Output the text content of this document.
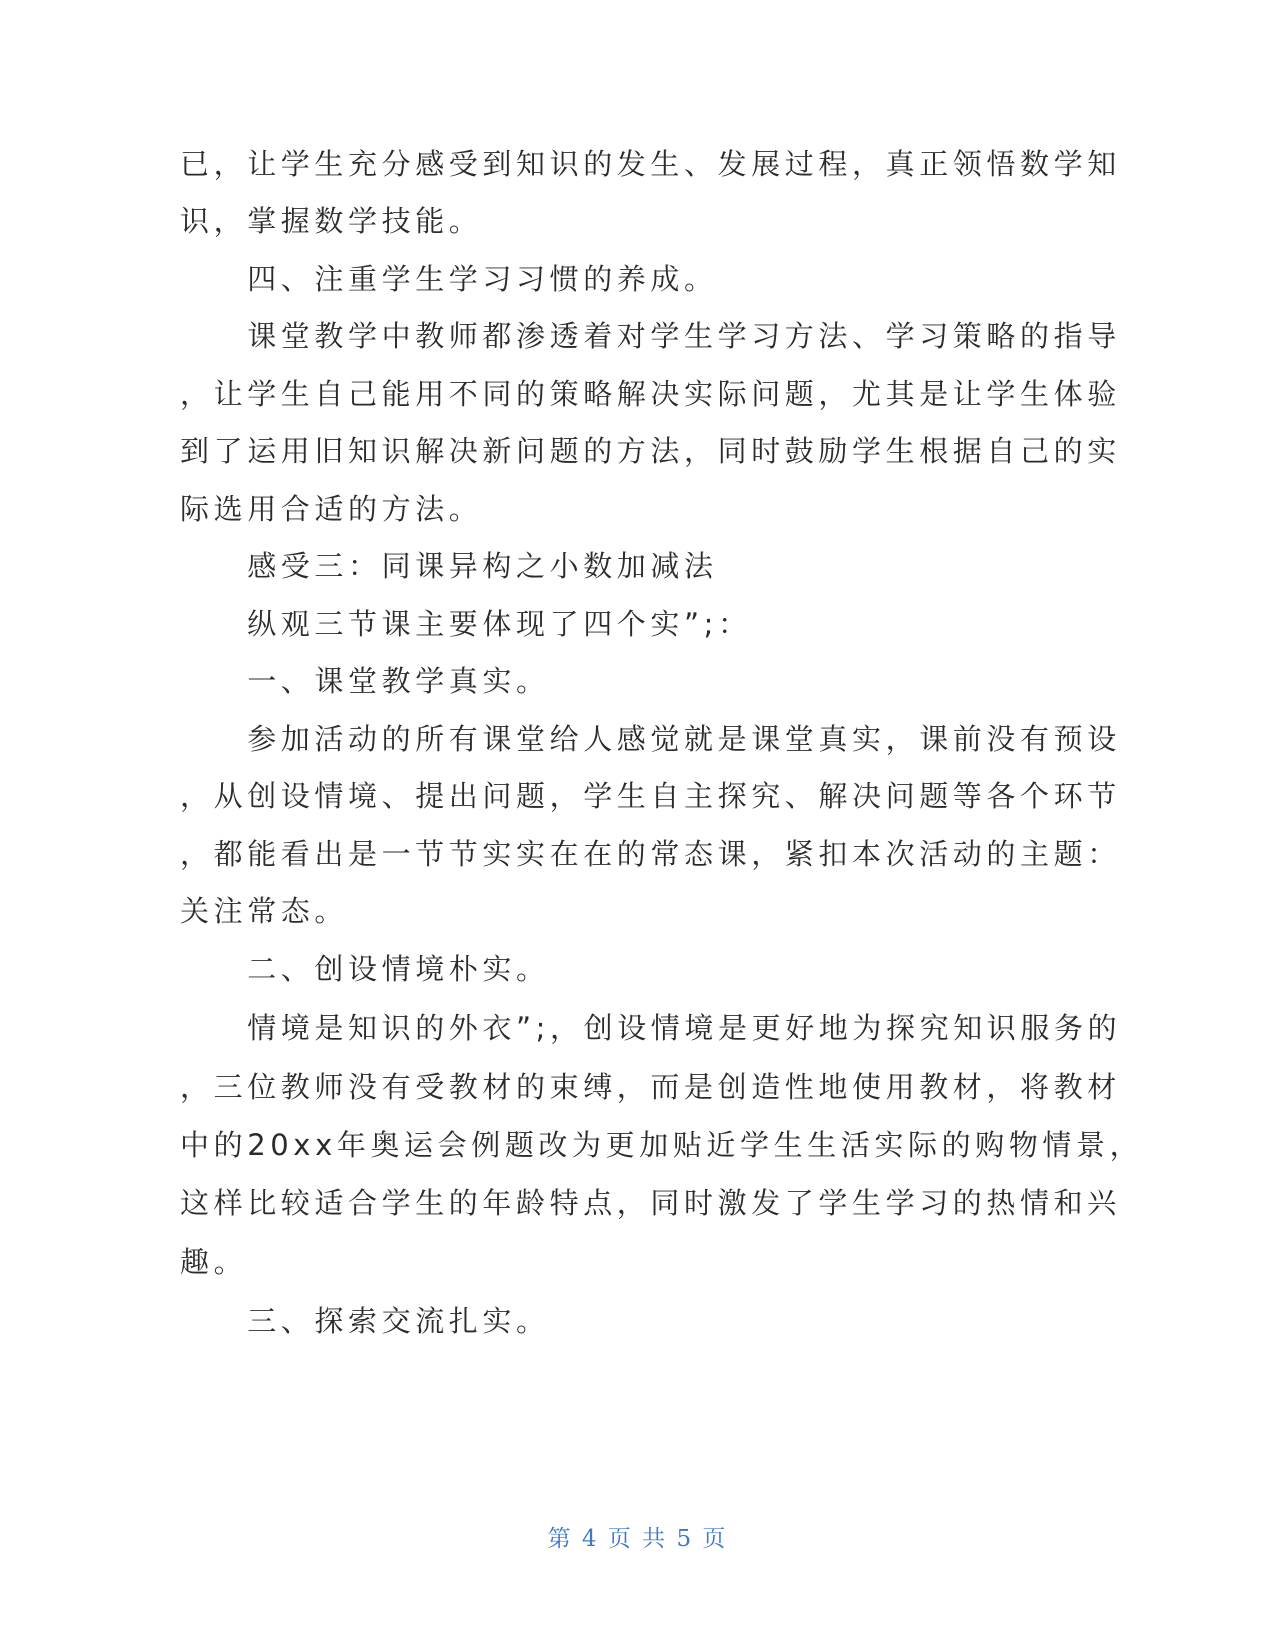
已，让学生充分感受到知识的发生、发展过程，真正领悟数学知

识，掌握数学技能。

　　四、注重学生学习习惯的养成。

　　课堂教学中教师都渗透着对学生学习方法、学习策略的指导

，让学生自己能用不同的策略解决实际问题，尤其是让学生体验

到了运用旧知识解决新问题的方法，同时鼓励学生根据自己的实

际选用合适的方法。

　　感受三：同课异构之小数加减法

　　纵观三节课主要体现了四个实”;：

　　一、课堂教学真实。

　　参加活动的所有课堂给人感觉就是课堂真实，课前没有预设

，从创设情境、提出问题，学生自主探究、解决问题等各个环节

，都能看出是一节节实实在在的常态课，紧扣本次活动的主题：

关注常态。

　　二、创设情境朴实。

　　情境是知识的外衣”;，创设情境是更好地为探究知识服务的

，三位教师没有受教材的束缚，而是创造性地使用教材，将教材

中的20xx年奥运会例题改为更加贴近学生生活实际的购物情景，

这样比较适合学生的年龄特点，同时激发了学生学习的热情和兴

趣。

　　三、探索交流扎实。

第 4 页 共 5 页
